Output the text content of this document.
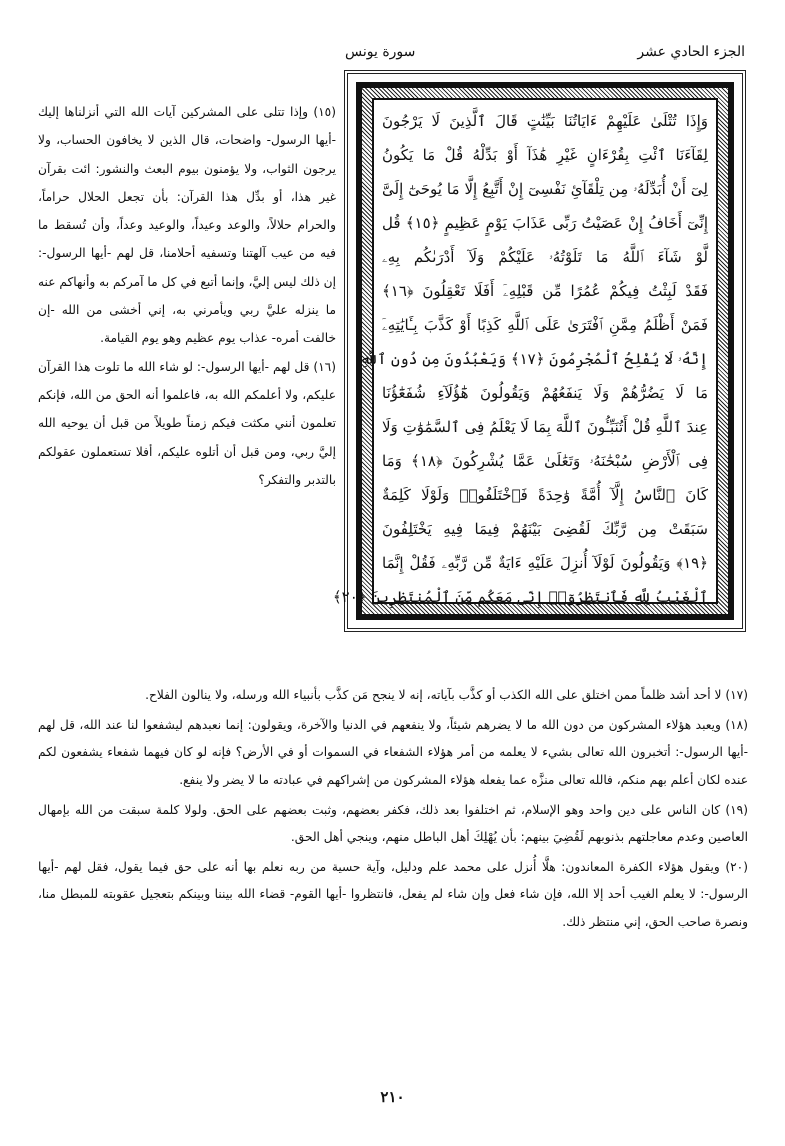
الجزء الحادي عشر
سورة يونس
وَإِذَا تُتْلَىٰ عَلَيْهِمْ ءَايَاتُنَا بَيِّنَٰتٍ قَالَ ٱلَّذِينَ لَا يَرْجُونَ
لِقَآءَنَا ٱئْتِ بِقُرْءَانٍ غَيْرِ هَٰذَآ أَوْ بَدِّلْهُ قُلْ مَا يَكُونُ
لِىٓ أَنْ أُبَدِّلَهُۥ مِن تِلْقَآئِ نَفْسِىٓ إِنْ أَتَّبِعُ إِلَّا مَا يُوحَىٰٓ إِلَىَّ
إِنِّىٓ أَخَافُ إِنْ عَصَيْتُ رَبِّى عَذَابَ يَوْمٍ عَظِيمٍ ﴿١٥﴾ قُل
لَّوْ شَآءَ ٱللَّهُ مَا تَلَوْتُهُۥ عَلَيْكُمْ وَلَآ أَدْرَىٰكُم بِهِۦ
فَقَدْ لَبِثْتُ فِيكُمْ عُمُرًا مِّن قَبْلِهِۦٓ أَفَلَا تَعْقِلُونَ ﴿١٦﴾
فَمَنْ أَظْلَمُ مِمَّنِ ٱفْتَرَىٰ عَلَى ٱللَّهِ كَذِبًا أَوْ كَذَّبَ بِـَٔايَٰتِهِۦٓ
إِنَّهُۥ لَا يُفْلِحُ ٱلْمُجْرِمُونَ ﴿١٧﴾ وَيَعْبُدُونَ مِن دُونِ ٱللَّهِ
مَا لَا يَضُرُّهُمْ وَلَا يَنفَعُهُمْ وَيَقُولُونَ هَٰٓؤُلَآءِ شُفَعَٰٓؤُنَا
عِندَ ٱللَّهِ قُلْ أَتُنَبِّـُٔونَ ٱللَّهَ بِمَا لَا يَعْلَمُ فِى ٱلسَّمَٰوَٰتِ وَلَا
فِى ٱلْأَرْضِ سُبْحَٰنَهُۥ وَتَعَٰلَىٰ عَمَّا يُشْرِكُونَ ﴿١٨﴾ وَمَا
كَانَ ٱلنَّاسُ إِلَّآ أُمَّةً وَٰحِدَةً فَٱخْتَلَفُوا۟ وَلَوْلَا كَلِمَةٌ
سَبَقَتْ مِن رَّبِّكَ لَقُضِىَ بَيْنَهُمْ فِيمَا فِيهِ يَخْتَلِفُونَ
﴿١٩﴾ وَيَقُولُونَ لَوْلَآ أُنزِلَ عَلَيْهِ ءَايَةٌ مِّن رَّبِّهِۦ فَقُلْ إِنَّمَا
ٱلْغَيْبُ لِلَّهِ فَٱنتَظِرُوٓا۟ إِنِّى مَعَكُم مِّنَ ٱلْمُنتَظِرِينَ ﴿٢٠﴾

(١٥) وإذا تتلى على المشركين آيات الله التي أنزلناها إليك -أيها الرسول- واضحات، قال الذين لا يخافون الحساب، ولا يرجون الثواب، ولا يؤمنون بيوم البعث والنشور: ائت بقرآن غير هذا، أو بدِّل هذا القرآن: بأن تجعل الحلال حراماً، والحرام حلالاً، والوعد وعيداً، والوعيد وعداً، وأن تُسقط ما فيه من عيب آلهتنا وتسفيه أحلامنا، قل لهم -أيها الرسول-: إن ذلك ليس إليَّ، وإنما أتبع في كل ما آمركم به وأنهاكم عنه ما ينزله عليَّ ربي ويأمرني به، إني أخشى من الله -إن خالفت أمره- عذاب يوم عظيم وهو يوم القيامة.

(١٦) قل لهم -أيها الرسول-: لو شاء الله ما تلوت هذا القرآن عليكم، ولا أعلمكم الله به، فاعلموا أنه الحق من الله، فإنكم تعلمون أنني مكثت فيكم زمناً طويلاً من قبل أن يوحيه الله إليَّ ربي، ومن قبل أن أتلوه عليكم، أفلا تستعملون عقولكم بالتدبر والتفكر؟

(١٧) لا أحد أشد ظلماً ممن اختلق على الله الكذب أو كذَّب بآياته، إنه لا ينجح مَن كذَّب بأنبياء الله ورسله، ولا ينالون الفلاح.

(١٨) ويعبد هؤلاء المشركون من دون الله ما لا يضرهم شيئاً، ولا ينفعهم في الدنيا والآخرة، ويقولون: إنما نعبدهم ليشفعوا لنا عند الله، قل لهم -أيها الرسول-: أتخبرون الله تعالى بشيء لا يعلمه من أمر هؤلاء الشفعاء في السموات أو في الأرض؟ فإنه لو كان فيهما شفعاء يشفعون لكم عنده لكان أعلم بهم منكم، فالله تعالى منزَّه عما يفعله هؤلاء المشركون من إشراكهم في عبادته ما لا يضر ولا ينفع.

(١٩) كان الناس على دين واحد وهو الإسلام، ثم اختلفوا بعد ذلك، فكفر بعضهم، وثبت بعضهم على الحق. ولولا كلمة سبقت من الله بإمهال العاصين وعدم معاجلتهم بذنوبهم لَقُضِيَ بينهم: بأن يُهْلِكَ أهل الباطل منهم، وينجي أهل الحق.

(٢٠) ويقول هؤلاء الكفرة المعاندون: هلَّا أُنزل على محمد علم ودليل، وآية حسية من ربه نعلم بها أنه على حق فيما يقول، فقل لهم -أيها الرسول-: لا يعلم الغيب أحد إلا الله، فإن شاء فعل وإن شاء لم يفعل، فانتظروا -أيها القوم- قضاء الله بيننا وبينكم بتعجيل عقوبته للمبطل منا، ونصرة صاحب الحق، إني منتظر ذلك.

٢١٠
